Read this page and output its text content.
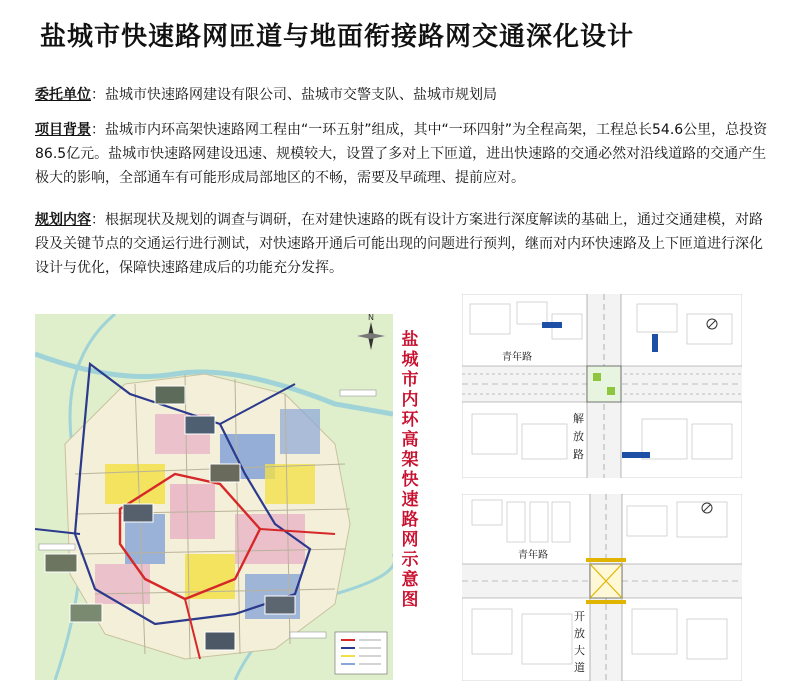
盐城市快速路网匝道与地面衔接路网交通深化设计
委托单位：盐城市快速路网建设有限公司、盐城市交警支队、盐城市规划局
项目背景：盐城市内环高架快速路网工程由“一环五射”组成，其中“一环四射”为全程高架，工程总长54.6公里，总投资86.5亿元。盐城市快速路网建设迅速、规模较大，设置了多对上下匝道，进出快速路的交通必然对沿线道路的交通产生极大的影响，全部通车有可能形成局部地区的不畅，需要及早疏理、提前应对。
规划内容：根据现状及规划的调查与调研，在对建快速路的既有设计方案进行深度解读的基础上，通过交通建模，对路段及关键节点的交通运行进行测试，对快速路开通后可能出现的问题进行预判，继而对内环快速路及上下匝道进行深化设计与优化，保障快速路建成后的功能充分发挥。
N
盐
城
市
内
环
高
架
快
速
路
网
示
意
图
青年路
解
放
路
青年路
开
放
大
道
